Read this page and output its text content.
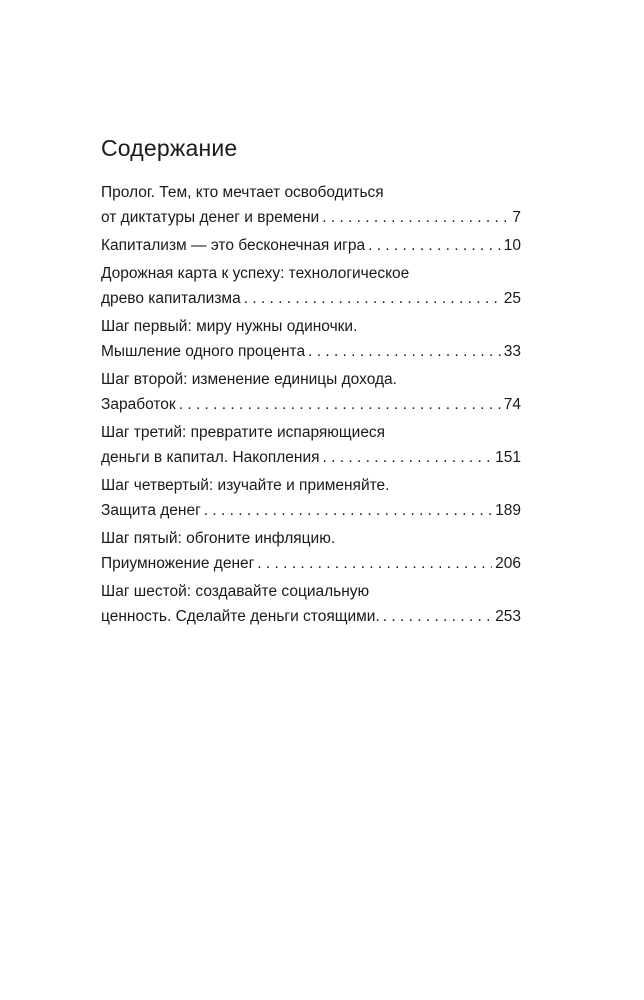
Содержание
Пролог. Тем, кто мечтает освободиться
от диктатуры денег и времени . . .	7
Капитализм — это бесконечная игра . . .	10
Дорожная карта к успеху: технологическое
древо капитализма . . .	25
Шаг первый: миру нужны одиночки.
Мышление одного процента . . .	33
Шаг второй: изменение единицы дохода.
Заработок . . .	74
Шаг третий: превратите испаряющиеся
деньги в капитал. Накопления . . .	151
Шаг четвертый: изучайте и применяйте.
Защита денег . . .	189
Шаг пятый: обгоните инфляцию.
Приумножение денег . . .	206
Шаг шестой: создавайте социальную
ценность. Сделайте деньги стоящими. . . .	253
